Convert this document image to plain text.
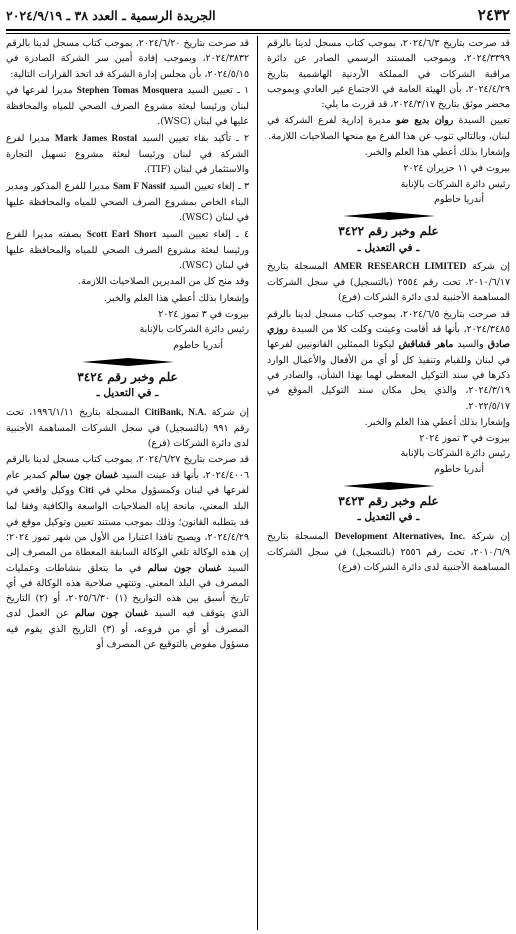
٢٤٣٢
الجريدة الرسمية ـ العدد ٣٨ ـ ٢٠٢٤/٩/١٩

قد صرحت بتاريخ ٢٠٢٤/٦/٣، بموجب كتاب مسجل لدينا بالرقم ٢٠٢٤/٣٣٩٩، وبموجب المستند الرسمي الصادر عن دائرة مراقبة الشركات في المملكة الأردنية الهاشمية بتاريخ ٢٠٢٤/٤/٢٩، بأن الهيئة العامة في الاجتماع غير العادي وبموجب محضر موثق بتاريخ ٢٠٢٤/٣/١٧، قد قررت ما يلي:

تعيين السيدة روان بديع ضو مديرة إدارية لفرع الشركة في لبنان، وبالتالي تنوب عن هذا الفرع مع منحها الصلاحيات اللازمة.

وإشعارا بذلك أعطي هذا العلم والخبر.

بيروت في ١١ حزيران ٢٠٢٤

رئيس دائرة الشركات بالإنابة

أندريا حاطوم

علم وخبر رقم ٣٤٢٢
ـ في التعديل ـ

إن شركة AMER RESEARCH LIMITED المسجلة بتاريخ ٢٠١٠/٦/١٧، تحت رقم ٢٥٥٤ (بالتسجيل) في سجل الشركات المساهمة الأجنبية لدى دائرة الشركات (فرع)

قد صرحت بتاريخ ٢٠٢٤/٦/٥، بموجب كتاب مسجل لدينا بالرقم ٢٠٢٤/٣٤٨٥، بأنها قد أقامت وعينت وكلت كلا من السيدة روزي صادق والسيد ماهر قشاقش ليكونا الممثلين القانونيين لفرعها في لبنان وللقيام وتنفيذ كل أو أي من الأفعال والأعمال الوارد ذكرها في سند التوكيل المعطى لهما بهذا الشأن، والصادر في ٢٠٢٤/٣/١٩، والذي يحل مكان سند التوكيل الموقع في ٢٠٢٢/٥/١٧.

وإشعارا بذلك أعطي هذا العلم والخبر.

بيروت في ٣ تموز ٢٠٢٤

رئيس دائرة الشركات بالإنابة

أندريا حاطوم

علم وخبر رقم ٣٤٢٣
ـ في التعديل ـ

إن شركة Development Alternatives, Inc. المسجلة بتاريخ ٢٠١٠/٦/٩، تحت رقم ٢٥٥٦ (بالتسجيل) في سجل الشركات المساهمة الأجنبية لدى دائرة الشركات (فرع)

قد صرحت بتاريخ ٢٠٢٤/٦/٢٠، بموجب كتاب مسجل لدينا بالرقم ٢٠٢٤/٣٨٣٢، وبموجب إفادة أمين سر الشركة الصادرة في ٢٠٢٤/٥/١٥، بأن مجلس إدارة الشركة قد اتخذ القرارات التالية:

١ ـ تعيين السيد Stephen Tomas Mosquera مديرا لفرعها في لبنان ورئيسا لبعثة مشروع الصرف الصحي للمياه والمحافظة عليها في لبنان (WSC).

٢ ـ تأكيد بقاء تعيين السيد Mark James Rostal مديرا لفرع الشركة في لبنان ورئيسا لبعثة مشروع تسهيل التجارة والاستثمار في لبنان (TIF).

٣ ـ إلغاء تعيين السيد Sam F Nassif مديرا للفرع المذكور ومدير البناء الخاص بمشروع الصرف الصحي للمياه والمحافظة عليها في لبنان (WSC).

٤ ـ إلغاء تعيين السيد Scott Earl Short بصفته مديرا للفرع ورئيسا لبعثة مشروع الصرف الصحي للمياه والمحافظة عليها في لبنان (WSC).

وقد منح كل من المديرين الصلاحيات اللازمة.

وإشعارا بذلك أعطي هذا العلم والخبر.

بيروت في ٣ تموز ٢٠٢٤

رئيس دائرة الشركات بالإنابة

أندريا حاطوم

علم وخبر رقم ٣٤٢٤
ـ في التعديل ـ

إن شركة CitiBank, N.A. المسجلة بتاريخ ١٩٩٦/١/١١، تحت رقم ٩٩١ (بالتسجيل) في سجل الشركات المساهمة الأجنبية لدى دائرة الشركات (فرع)

قد صرحت بتاريخ ٢٠٢٤/٦/٢٧، بموجب كتاب مسجل لدينا بالرقم ٢٠٢٤/٤٠٠٦، بأنها قد عينت السيد غسان جون سالم كمدير عام لفرعها في لبنان وكمسؤول محلي في Citi ووكيل واقعي في البلد المعني، مانحة إياه الصلاحيات الواسعة والكافية وفقا لما قد يتطلبه القانون؛ وذلك بموجب مستند تعيين وتوكيل موقع في ٢٠٢٤/٤/٢٩، ويصبح نافذا اعتبارا من الأول من شهر تموز ٢٠٢٤؛ إن هذه الوكالة تلغي الوكالة السابقة المعطاة من المصرف إلى السيد غسان جون سالم في ما يتعلق بنشاطات وعمليات المصرف في البلد المعني. وتنتهي صلاحية هذه الوكالة في أي تاريخ أسبق بين هذه التواريخ (١) ٢٠٢٥/٦/٣٠، أو (٢) التاريخ الذي يتوقف فيه السيد غسان جون سالم عن العمل لدى المصرف أو أي من فروعه، أو (٣) التاريخ الذي يقوم فيه مسؤول مفوض بالتوقيع عن المصرف أو
